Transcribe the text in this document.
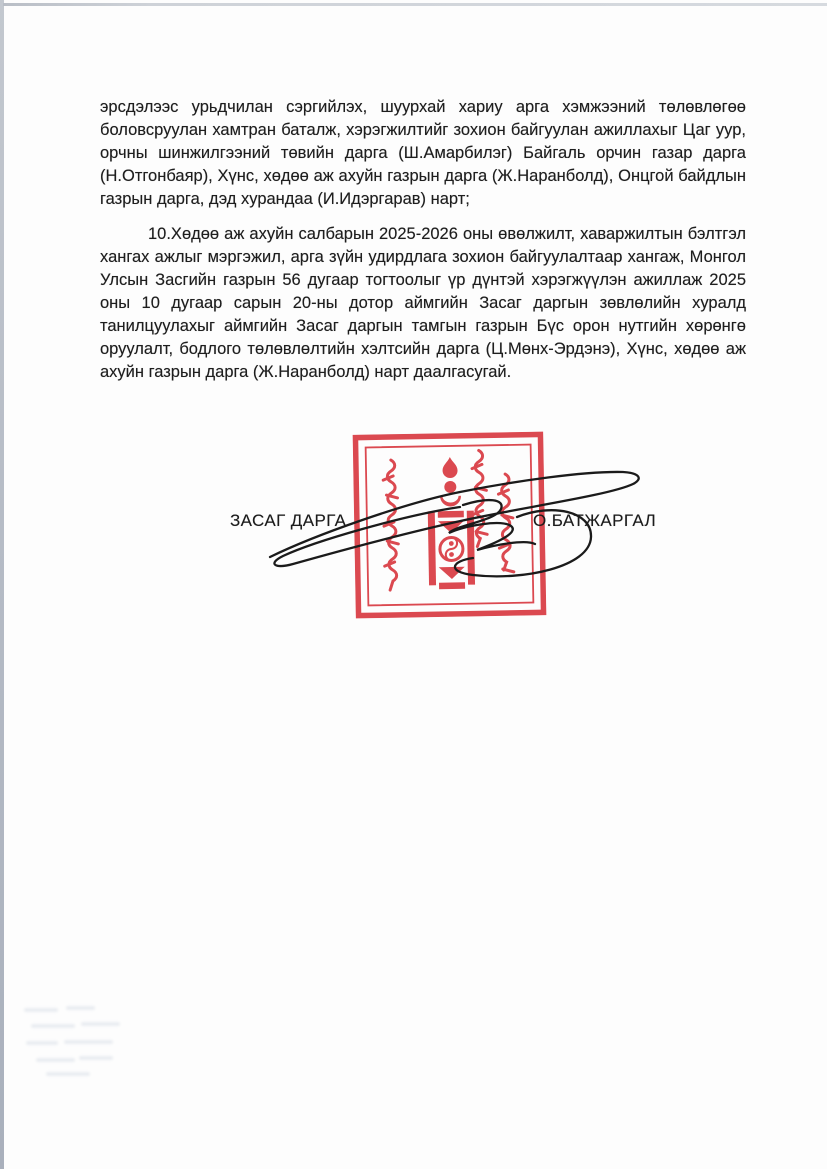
эрсдэлээс урьдчилан сэргийлэх, шуурхай хариу арга хэмжээний төлөвлөгөө боловсруулан хамтран баталж, хэрэгжилтийг зохион байгуулан ажиллахыг Цаг уур, орчны шинжилгээний төвийн дарга (Ш.Амарбилэг) Байгаль орчин газар дарга (Н.Отгонбаяр), Хүнс, хөдөө аж ахуйн газрын дарга (Ж.Наранболд), Онцгой байдлын газрын дарга, дэд хурандаа (И.Идэргарав) нарт;

10.Хөдөө аж ахуйн салбарын 2025-2026 оны өвөлжилт, хаваржилтын бэлтгэл хангах ажлыг мэргэжил, арга зүйн удирдлага зохион байгуулалтаар хангаж, Монгол Улсын Засгийн газрын 56 дугаар тогтоолыг үр дүнтэй хэрэгжүүлэн ажиллаж 2025 оны 10 дугаар сарын 20-ны дотор аймгийн Засаг даргын зөвлөлийн хуралд танилцуулахыг аймгийн Засаг даргын тамгын газрын Бүс орон нутгийн хөрөнгө оруулалт, бодлого төлөвлөлтийн хэлтсийн дарга (Ц.Мөнх-Эрдэнэ), Хүнс, хөдөө аж ахуйн газрын дарга (Ж.Наранболд) нарт даалгасугай.

ЗАСАГ ДАРГА	О.БАТЖАРГАЛ
